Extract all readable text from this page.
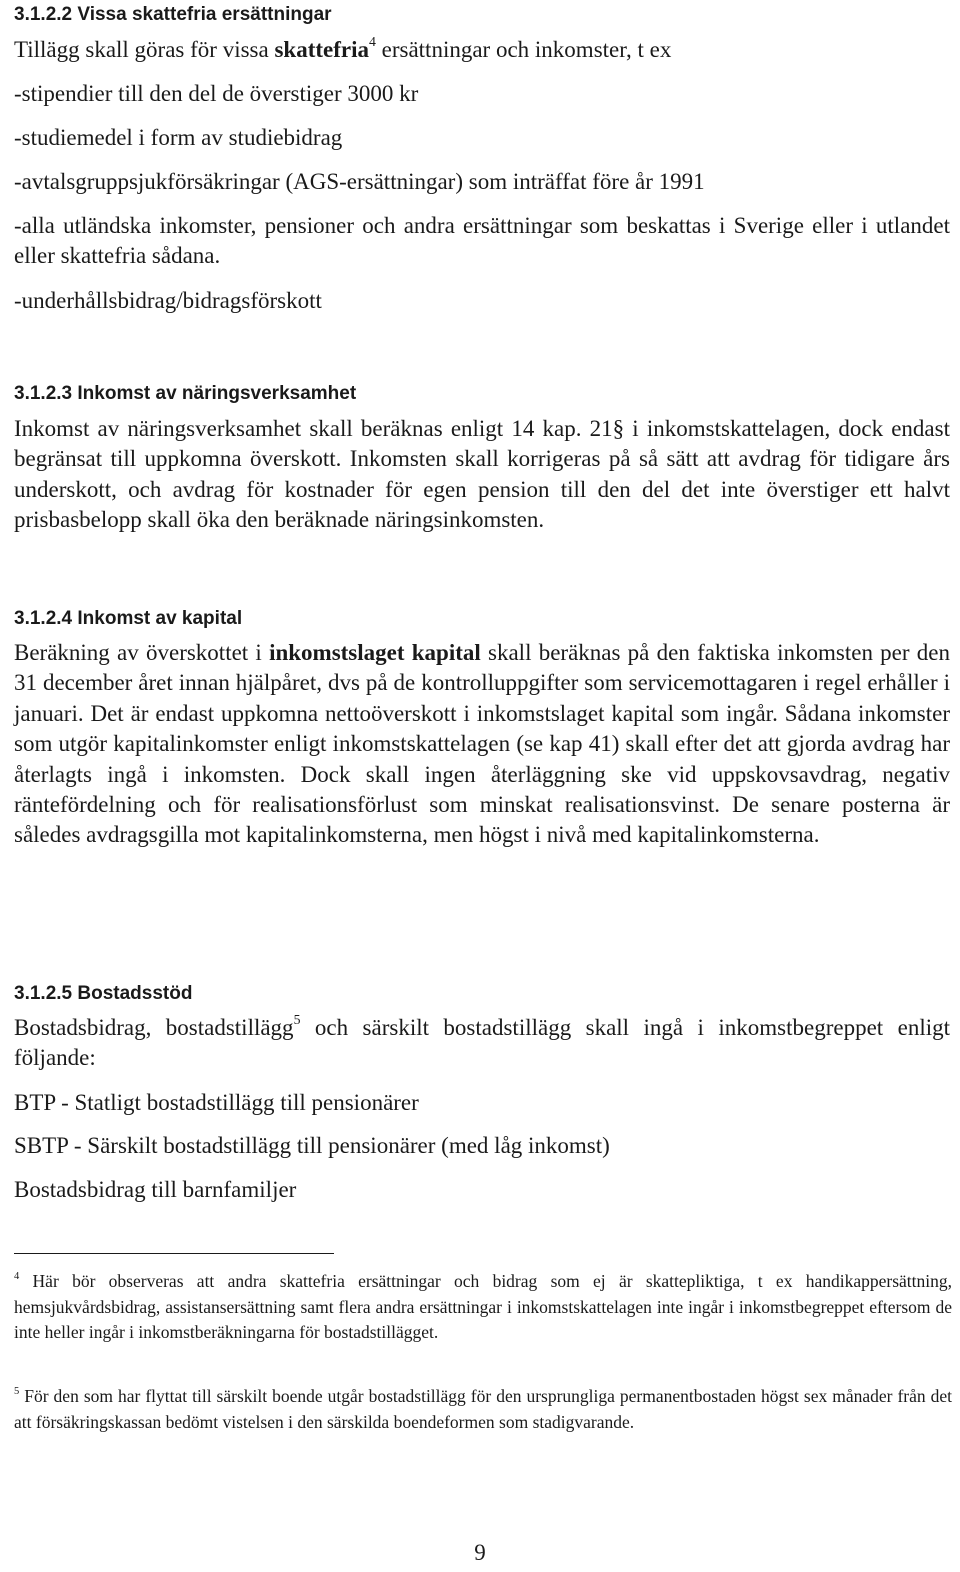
3.1.2.2 Vissa skattefria ersättningar
Tillägg skall göras för vissa skattefria$^4$ ersättningar och inkomster, t ex
-stipendier till den del de överstiger 3000 kr
-studiemedel i form av studiebidrag
-avtalsgruppsjukförsäkringar (AGS-ersättningar) som inträffat före år 1991
-alla utländska inkomster, pensioner och andra ersättningar som beskattas i Sverige eller i utlandet eller skattefria sådana.
-underhållsbidrag/bidragsförskott
3.1.2.3 Inkomst av näringsverksamhet
Inkomst av näringsverksamhet skall beräknas enligt 14 kap. 21§ i inkomstskattelagen, dock endast begränsat till uppkomna överskott. Inkomsten skall korrigeras på så sätt att avdrag för tidigare års underskott, och avdrag för kostnader för egen pension till den del det inte överstiger ett halvt prisbasbelopp skall öka den beräknade näringsinkomsten.
3.1.2.4 Inkomst av kapital
Beräkning av överskottet i inkomstslaget kapital skall beräknas på den faktiska inkomsten per den 31 december året innan hjälpåret, dvs på de kontrolluppgifter som servicemottagaren i regel erhåller i januari. Det är endast uppkomna nettoöverskott i inkomstslaget kapital som ingår. Sådana inkomster som utgör kapitalinkomster enligt inkomstskattelagen (se kap 41) skall efter det att gjorda avdrag har återlagts ingå i inkomsten. Dock skall ingen återläggning ske vid uppskovsavdrag, negativ räntefördelning och för realisationsförlust som minskat realisationsvinst. De senare posterna är således avdragsgilla mot kapitalinkomsterna, men högst i nivå med kapitalinkomsterna.
3.1.2.5 Bostadsstöd
Bostadsbidrag, bostadstillägg$^5$ och särskilt bostadstillägg skall ingå i inkomstbegreppet enligt följande:
BTP - Statligt bostadstillägg till pensionärer
SBTP - Särskilt bostadstillägg till pensionärer (med låg inkomst)
Bostadsbidrag till barnfamiljer
$^4$ Här bör observeras att andra skattefria ersättningar och bidrag som ej är skattepliktiga, t ex handikappersättning, hemsjukvårdsbidrag, assistansersättning samt flera andra ersättningar i inkomstskattelagen inte ingår i inkomstbegreppet eftersom de inte heller ingår i inkomstberäkningarna för bostadstillägget.
$^5$ För den som har flyttat till särskilt boende utgår bostadstillägg för den ursprungliga permanentbostaden högst sex månader från det att försäkringskassan bedömt vistelsen i den särskilda boendeformen som stadigvarande.
9
